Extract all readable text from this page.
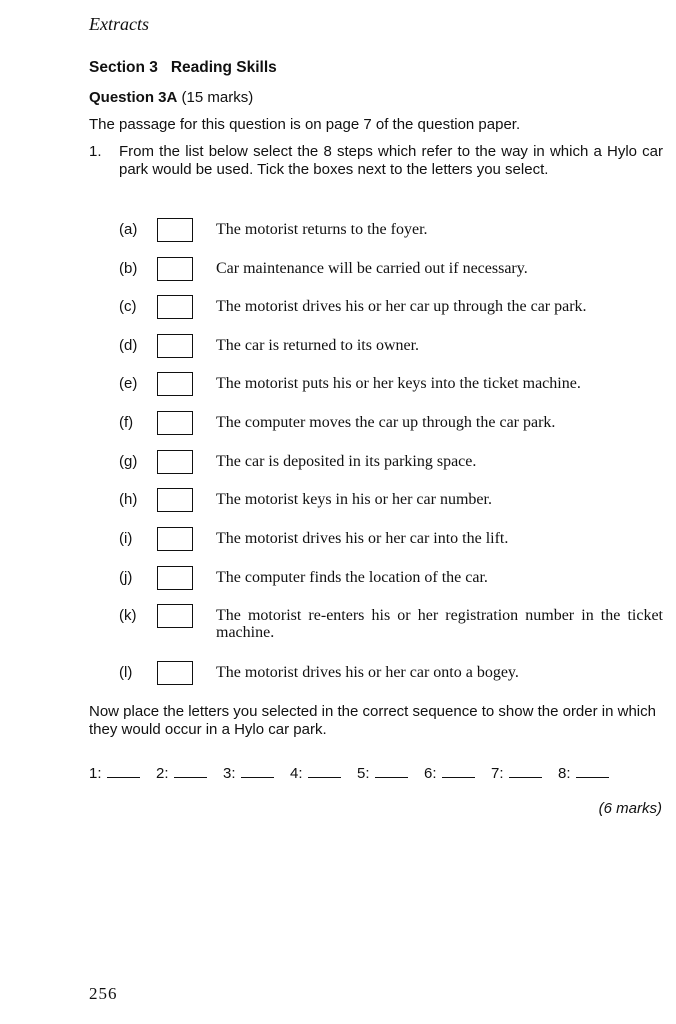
Extracts
Section 3   Reading Skills
Question 3A (15 marks)
The passage for this question is on page 7 of the question paper.
1. From the list below select the 8 steps which refer to the way in which a Hylo car park would be used. Tick the boxes next to the letters you select.
(a)	The motorist returns to the foyer.
(b)	Car maintenance will be carried out if necessary.
(c)	The motorist drives his or her car up through the car park.
(d)	The car is returned to its owner.
(e)	The motorist puts his or her keys into the ticket machine.
(f)	The computer moves the car up through the car park.
(g)	The car is deposited in its parking space.
(h)	The motorist keys in his or her car number.
(i)	The motorist drives his or her car into the lift.
(j)	The computer finds the location of the car.
(k)	The motorist re-enters his or her registration number in the ticket machine.
(l)	The motorist drives his or her car onto a bogey.
Now place the letters you selected in the correct sequence to show the order in which they would occur in a Hylo car park.
1:	2:	3:	4:	5:	6:	7:	8:
(6 marks)
256
